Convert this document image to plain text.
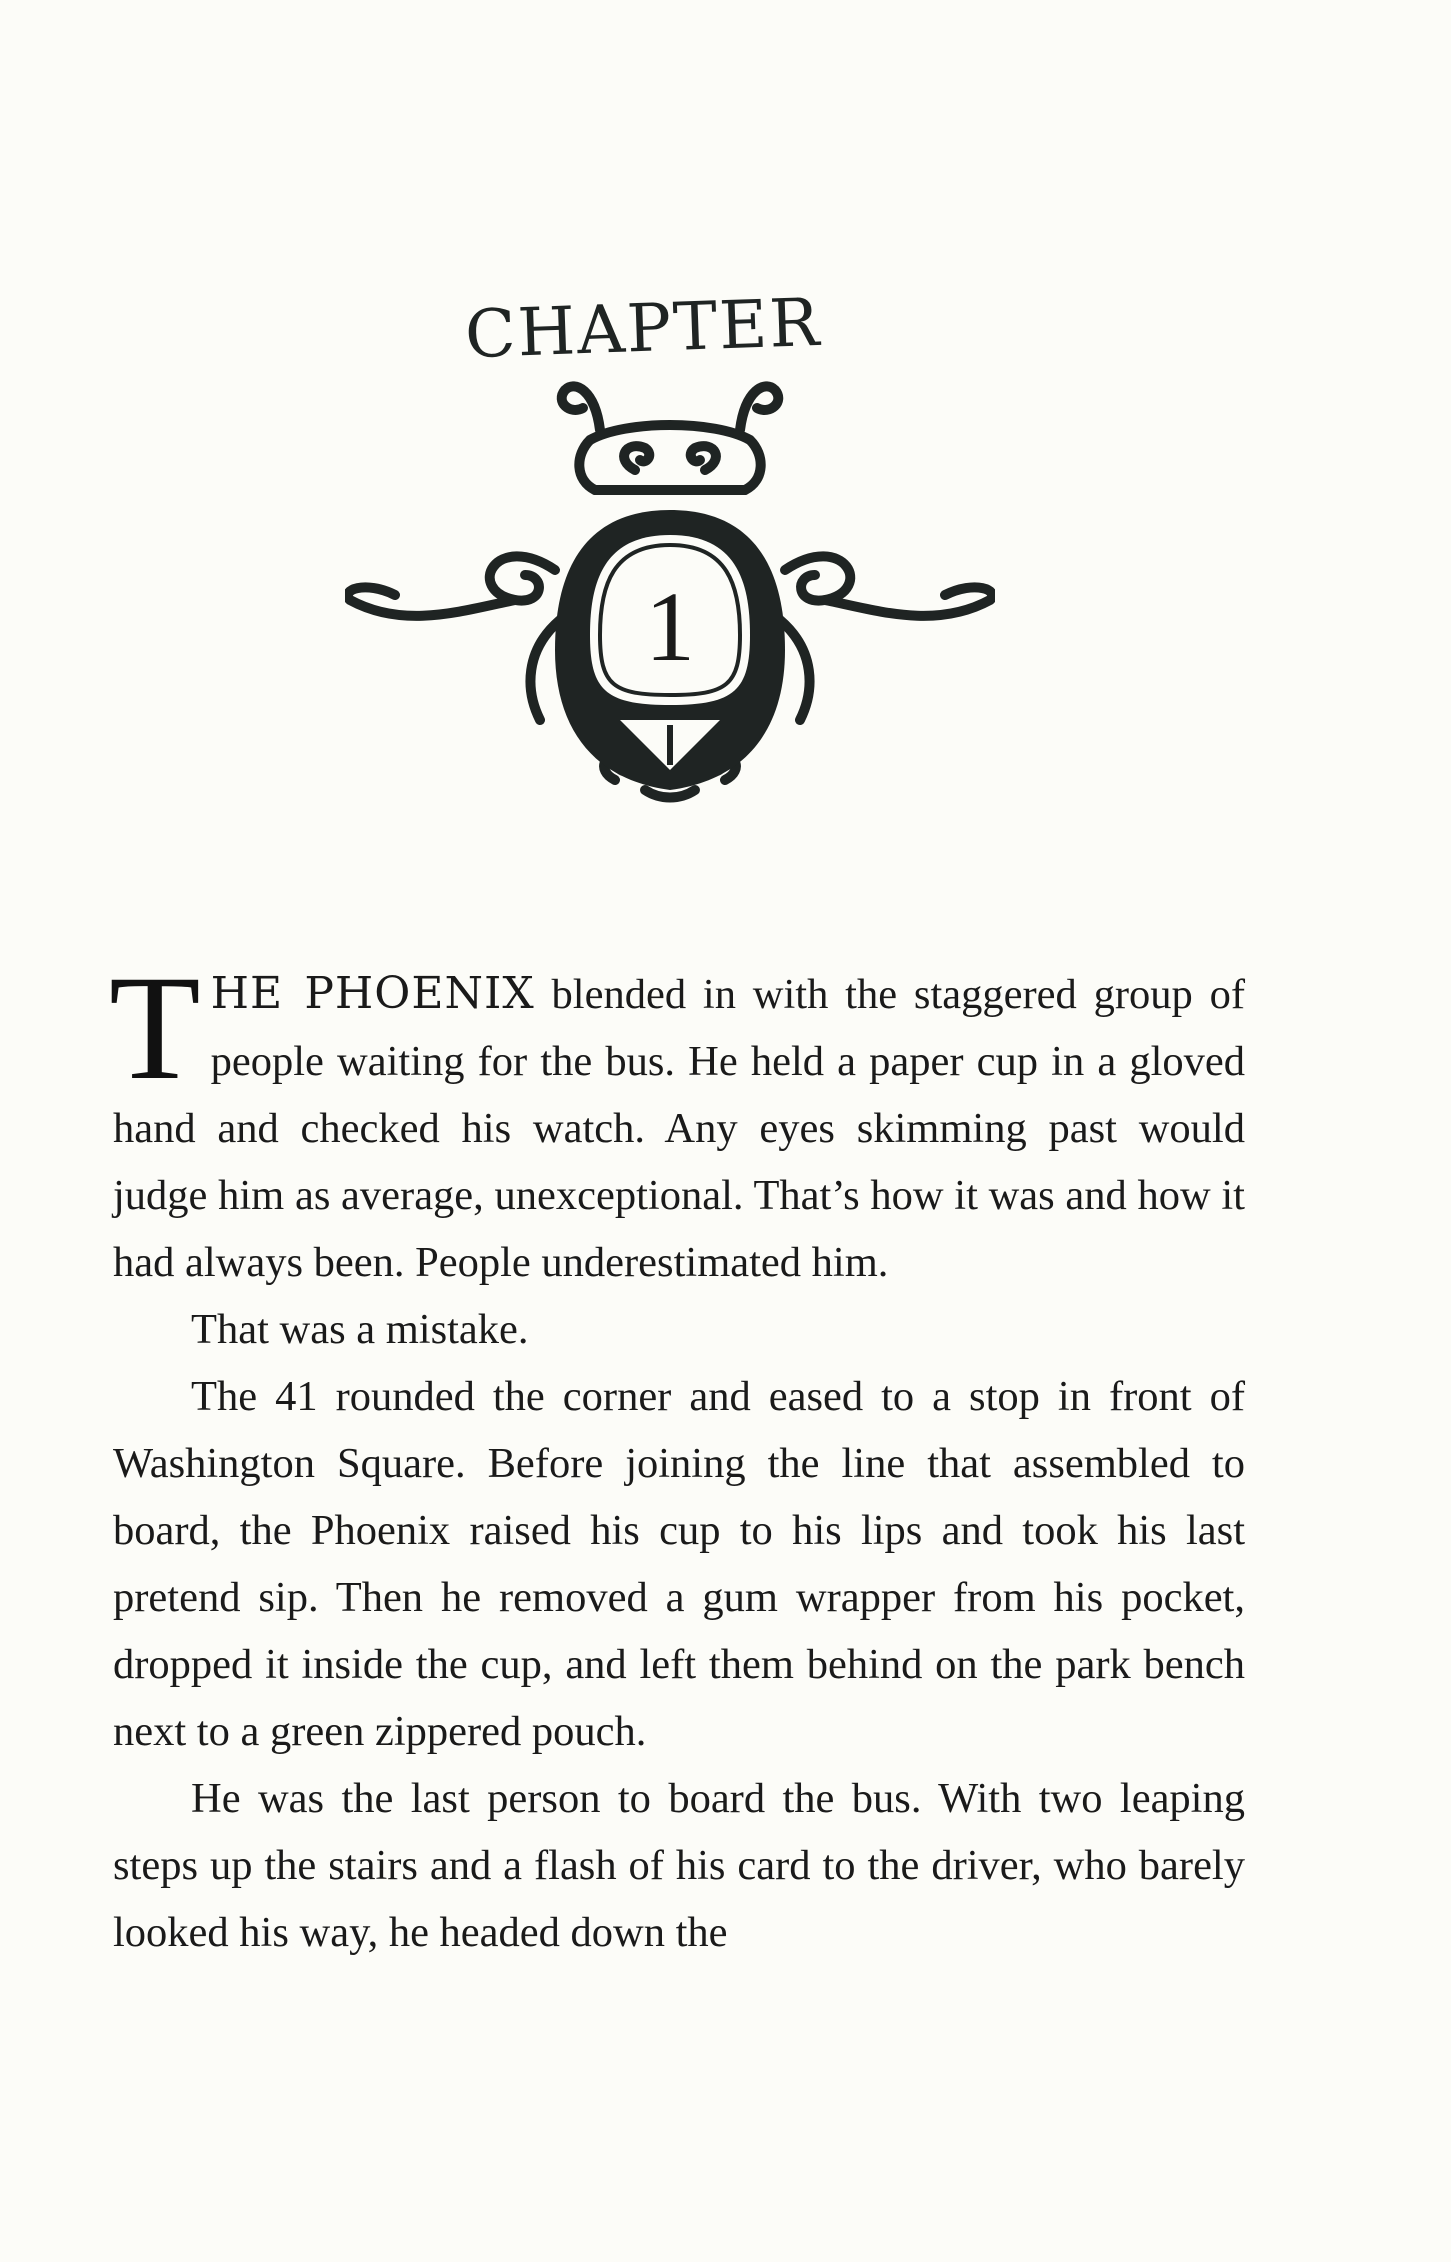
CHAPTER
1

THE PHOENIX blended in with the staggered group of people waiting for the bus. He held a paper cup in a gloved hand and checked his watch. Any eyes skimming past would judge him as average, unexceptional. That’s how it was and how it had always been. People underestimated him.

That was a mistake.

The 41 rounded the corner and eased to a stop in front of Washington Square. Before joining the line that assembled to board, the Phoenix raised his cup to his lips and took his last pretend sip. Then he removed a gum wrapper from his pocket, dropped it inside the cup, and left them behind on the park bench next to a green zippered pouch.

He was the last person to board the bus. With two leaping steps up the stairs and a flash of his card to the driver, who barely looked his way, he headed down the
